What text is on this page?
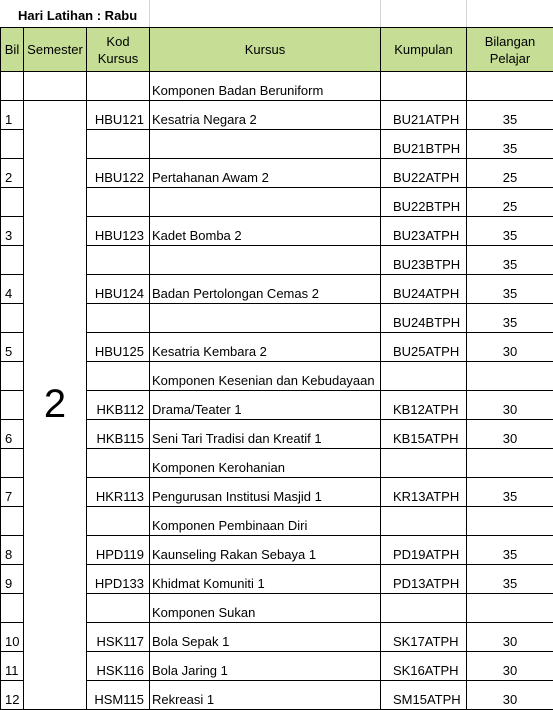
Hari Latihan : Rabu
Bil	Semester	Kod Kursus	Kursus	Kumpulan	Bilangan Pelajar
			Komponen Badan Beruniform		
1	2	HBU121	Kesatria Negara 2	BU21ATPH	35
				BU21BTPH	35
2		HBU122	Pertahanan Awam 2	BU22ATPH	25
				BU22BTPH	25
3		HBU123	Kadet Bomba 2	BU23ATPH	35
				BU23BTPH	35
4		HBU124	Badan Pertolongan Cemas 2	BU24ATPH	35
				BU24BTPH	35
5		HBU125	Kesatria Kembara 2	BU25ATPH	30
			Komponen Kesenian dan Kebudayaan		
		HKB112	Drama/Teater 1	KB12ATPH	30
6		HKB115	Seni Tari Tradisi dan Kreatif 1	KB15ATPH	30
			Komponen Kerohanian		
7		HKR113	Pengurusan Institusi Masjid 1	KR13ATPH	35
			Komponen Pembinaan Diri		
8		HPD119	Kaunseling Rakan Sebaya 1	PD19ATPH	35
9		HPD133	Khidmat Komuniti 1	PD13ATPH	35
			Komponen Sukan		
10		HSK117	Bola Sepak 1	SK17ATPH	30
11		HSK116	Bola Jaring 1	SK16ATPH	30
12		HSM115	Rekreasi 1	SM15ATPH	30
